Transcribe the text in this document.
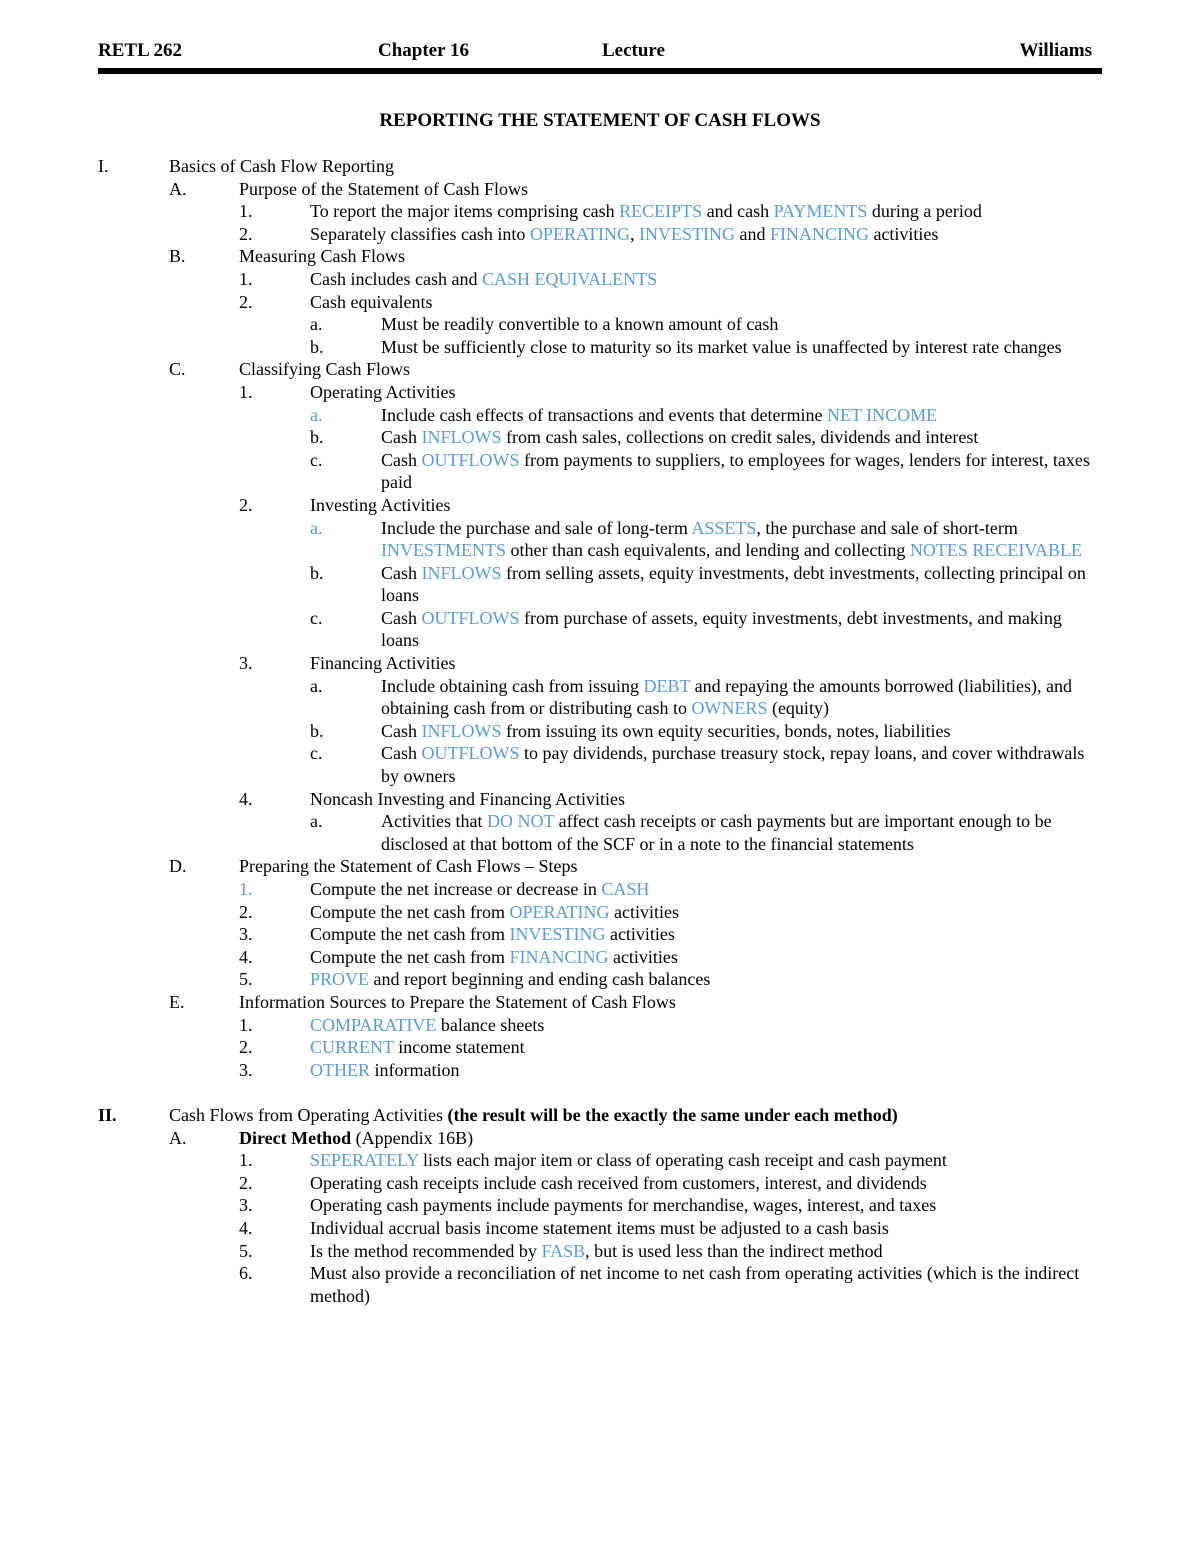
RETL 262	Chapter 16	Lecture	Williams
REPORTING THE STATEMENT OF CASH FLOWS
I.	Basics of Cash Flow Reporting
A.	Purpose of the Statement of Cash Flows
1.	To report the major items comprising cash RECEIPTS and cash PAYMENTS during a period
2.	Separately classifies cash into OPERATING, INVESTING and FINANCING activities
B.	Measuring Cash Flows
1.	Cash includes cash and CASH EQUIVALENTS
2.	Cash equivalents
a.	Must be readily convertible to a known amount of cash
b.	Must be sufficiently close to maturity so its market value is unaffected by interest rate changes
C.	Classifying Cash Flows
1.	Operating Activities
a.	Include cash effects of transactions and events that determine NET INCOME
b.	Cash INFLOWS from cash sales, collections on credit sales, dividends and interest
c.	Cash OUTFLOWS from payments to suppliers, to employees for wages, lenders for interest, taxes paid
2.	Investing Activities
a.	Include the purchase and sale of long-term ASSETS, the purchase and sale of short-term INVESTMENTS other than cash equivalents, and lending and collecting NOTES RECEIVABLE
b.	Cash INFLOWS from selling assets, equity investments, debt investments, collecting principal on loans
c.	Cash OUTFLOWS from purchase of assets, equity investments, debt investments, and making loans
3.	Financing Activities
a.	Include obtaining cash from issuing DEBT and repaying the amounts borrowed (liabilities), and obtaining cash from or distributing cash to OWNERS (equity)
b.	Cash INFLOWS from issuing its own equity securities, bonds, notes, liabilities
c.	Cash OUTFLOWS to pay dividends, purchase treasury stock, repay loans, and cover withdrawals by owners
4.	Noncash Investing and Financing Activities
a.	Activities that DO NOT affect cash receipts or cash payments but are important enough to be disclosed at that bottom of the SCF or in a note to the financial statements
D.	Preparing the Statement of Cash Flows – Steps
1.	Compute the net increase or decrease in CASH
2.	Compute the net cash from OPERATING activities
3.	Compute the net cash from INVESTING activities
4.	Compute the net cash from FINANCING activities
5.	PROVE and report beginning and ending cash balances
E.	Information Sources to Prepare the Statement of Cash Flows
1.	COMPARATIVE balance sheets
2.	CURRENT income statement
3.	OTHER information
II.	Cash Flows from Operating Activities (the result will be the exactly the same under each method)
A.	Direct Method (Appendix 16B)
1.	SEPERATELY lists each major item or class of operating cash receipt and cash payment
2.	Operating cash receipts include cash received from customers, interest, and dividends
3.	Operating cash payments include payments for merchandise, wages, interest, and taxes
4.	Individual accrual basis income statement items must be adjusted to a cash basis
5.	Is the method recommended by FASB, but is used less than the indirect method
6.	Must also provide a reconciliation of net income to net cash from operating activities (which is the indirect method)
